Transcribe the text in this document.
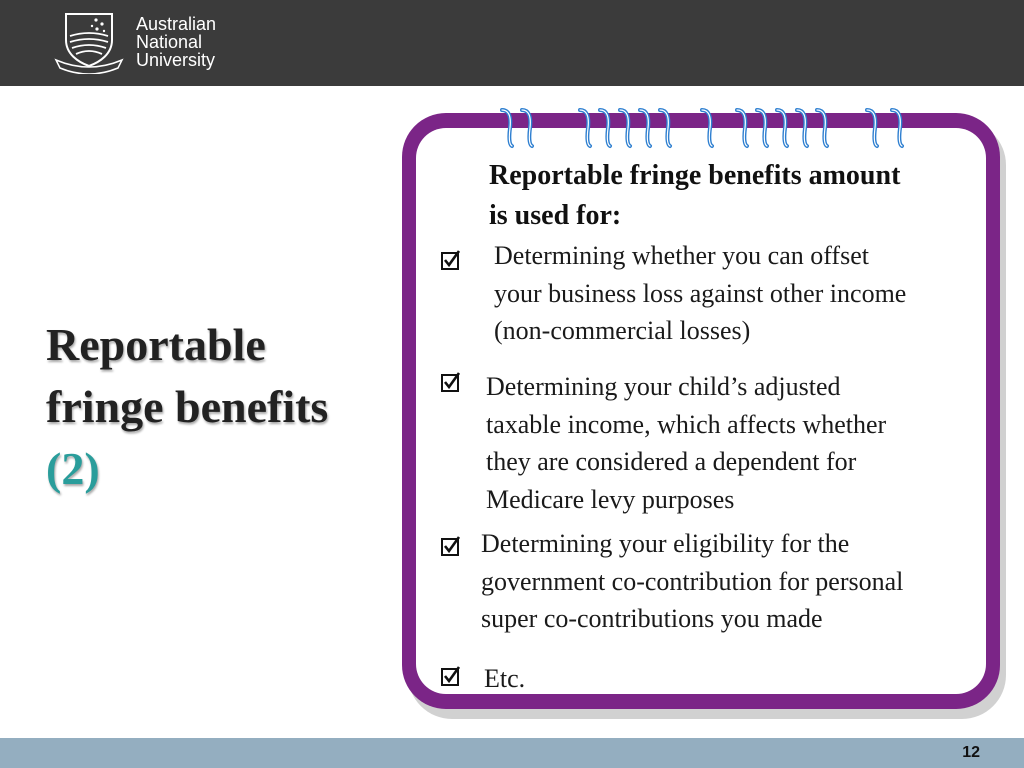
Australian
National
University
Reportable
fringe benefits
(2)
Reportable fringe benefits amount
is used for:
Determining whether you can offset
your business loss against other income
(non-commercial losses)
Determining your child’s adjusted
taxable income, which affects whether
they are considered a dependent for
Medicare levy purposes
Determining your eligibility for the
government co-contribution for personal
super co-contributions you made
Etc.
12
